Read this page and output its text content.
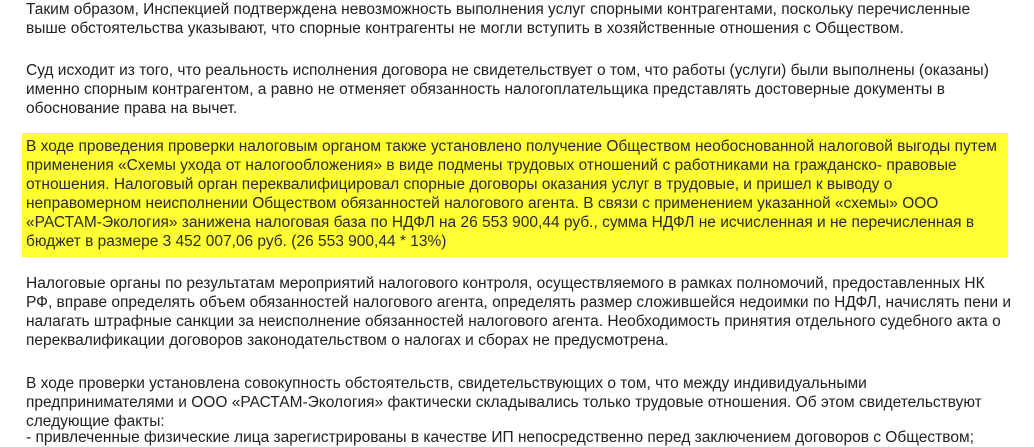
Таким образом, Инспекцией подтверждена невозможность выполнения услуг спорными контрагентами, поскольку перечисленные выше обстоятельства указывают, что спорные контрагенты не могли вступить в хозяйственные отношения с Обществом.

Суд исходит из того, что реальность исполнения договора не свидетельствует о том, что работы (услуги) были выполнены (оказаны) именно спорным контрагентом, а равно не отменяет обязанность налогоплательщика представлять достоверные документы в обоснование права на вычет.

В ходе проведения проверки налоговым органом также установлено получение Обществом необоснованной налоговой выгоды путем применения «Схемы ухода от налогообложения» в виде подмены трудовых отношений с работниками на гражданско- правовые отношения. Налоговый орган переквалифицировал спорные договоры оказания услуг в трудовые, и пришел к выводу о неправомерном неисполнении Обществом обязанностей налогового агента. В связи с применением указанной «схемы» ООО «РАСТАМ-Экология» занижена налоговая база по НДФЛ на 26 553 900,44 руб., сумма НДФЛ не исчисленная и не перечисленная в бюджет в размере 3 452 007,06 руб. (26 553 900,44 * 13%)

Налоговые органы по результатам мероприятий налогового контроля, осуществляемого в рамках полномочий, предоставленных НК РФ, вправе определять объем обязанностей налогового агента, определять размер сложившейся недоимки по НДФЛ, начислять пени и налагать штрафные санкции за неисполнение обязанностей налогового агента. Необходимость принятия отдельного судебного акта о переквалификации договоров законодательством о налогах и сборах не предусмотрена.

В ходе проверки установлена совокупность обстоятельств, свидетельствующих о том, что между индивидуальными предпринимателями и ООО «РАСТАМ-Экология» фактически складывались только трудовые отношения. Об этом свидетельствуют следующие факты:

- привлеченные физические лица зарегистрированы в качестве ИП непосредственно перед заключением договоров с Обществом;
